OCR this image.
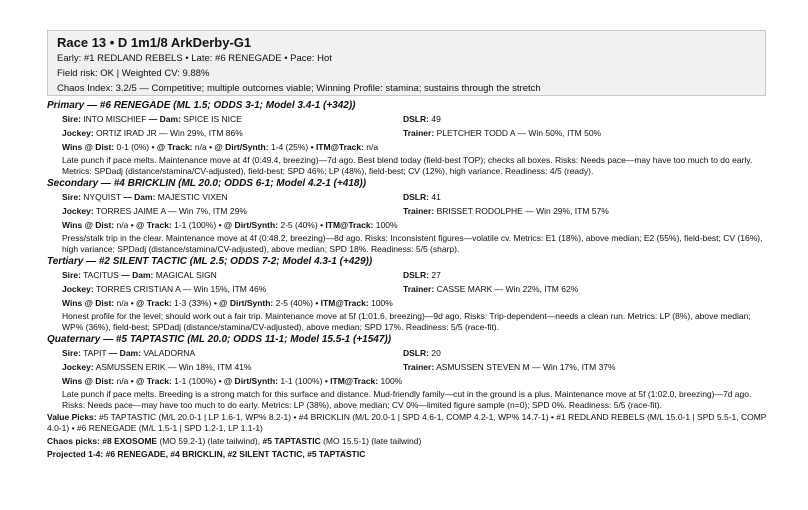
Race 13 • D 1m1/8 ArkDerby-G1
Early: #1 REDLAND REBELS • Late: #6 RENEGADE • Pace: Hot
Field risk: OK | Weighted CV: 9.88%
Chaos Index: 3.2/5 — Competitive; multiple outcomes viable; Winning Profile: stamina; sustains through the stretch
Primary — #6 RENEGADE (ML 1.5; ODDS 3-1; Model 3.4-1 (+342))
Sire: INTO MISCHIEF — Dam: SPICE IS NICE	DSLR: 49
Jockey: ORTIZ IRAD JR — Win 29%, ITM 86%	Trainer: PLETCHER TODD A — Win 50%, ITM 50%
Wins @ Dist: 0-1 (0%) • @ Track: n/a • @ Dirt/Synth: 1-4 (25%) • ITM@Track: n/a
Late punch if pace melts. Maintenance move at 4f (0:49.4, breezing)—7d ago. Best blend today (field-best TOP); checks all boxes. Risks: Needs pace—may have too much to do early. Metrics: SPDadj (distance/stamina/CV-adjusted), field-best; SPD 46%; LP (48%), field-best; CV (12%), high variance. Readiness: 4/5 (ready).
Secondary — #4 BRICKLIN (ML 20.0; ODDS 6-1; Model 4.2-1 (+418))
Sire: NYQUIST — Dam: MAJESTIC VIXEN	DSLR: 41
Jockey: TORRES JAIME A — Win 7%, ITM 29%	Trainer: BRISSET RODOLPHE — Win 29%, ITM 57%
Wins @ Dist: n/a • @ Track: 1-1 (100%) • @ Dirt/Synth: 2-5 (40%) • ITM@Track: 100%
Press/stalk trip in the clear. Maintenance move at 4f (0:48.2, breezing)—8d ago. Risks: Inconsistent figures—volatile cv. Metrics: E1 (18%), above median; E2 (55%), field-best; CV (16%), high variance; SPDadj (distance/stamina/CV-adjusted), above median; SPD 18%. Readiness: 5/5 (sharp).
Tertiary — #2 SILENT TACTIC (ML 2.5; ODDS 7-2; Model 4.3-1 (+429))
Sire: TACITUS — Dam: MAGICAL SIGN	DSLR: 27
Jockey: TORRES CRISTIAN A — Win 15%, ITM 46%	Trainer: CASSE MARK — Win 22%, ITM 62%
Wins @ Dist: n/a • @ Track: 1-3 (33%) • @ Dirt/Synth: 2-5 (40%) • ITM@Track: 100%
Honest profile for the level; should work out a fair trip. Maintenance move at 5f (1:01.6, breezing)—9d ago. Risks: Trip-dependent—needs a clean run. Metrics: LP (8%), above median; WP% (36%), field-best; SPDadj (distance/stamina/CV-adjusted), above median; SPD 17%. Readiness: 5/5 (race-fit).
Quaternary — #5 TAPTASTIC (ML 20.0; ODDS 11-1; Model 15.5-1 (+1547))
Sire: TAPIT — Dam: VALADORNA	DSLR: 20
Jockey: ASMUSSEN ERIK — Win 18%, ITM 41%	Trainer: ASMUSSEN STEVEN M — Win 17%, ITM 37%
Wins @ Dist: n/a • @ Track: 1-1 (100%) • @ Dirt/Synth: 1-1 (100%) • ITM@Track: 100%
Late punch if pace melts. Breeding is a strong match for this surface and distance. Mud-friendly family—cut in the ground is a plus. Maintenance move at 5f (1:02.0, breezing)—7d ago. Risks: Needs pace—may have too much to do early. Metrics: LP (38%), above median; CV 0%—limited figure sample (n=0); SPD 0%. Readiness: 5/5 (race-fit).
Value Picks: #5 TAPTASTIC (M/L 20.0-1 | LP 1.6-1, WP% 8.2-1) • #4 BRICKLIN (M/L 20.0-1 | SPD 4.6-1, COMP 4.2-1, WP% 14.7-1) • #1 REDLAND REBELS (M/L 15.0-1 | SPD 5.5-1, COMP 4.0-1) • #6 RENEGADE (M/L 1.5-1 | SPD 1.2-1, LP 1.1-1)
Chaos picks: #8 EXOSOME (MO 59.2-1) (late tailwind), #5 TAPTASTIC (MO 15.5-1) (late tailwind)
Projected 1-4: #6 RENEGADE, #4 BRICKLIN, #2 SILENT TACTIC, #5 TAPTASTIC
